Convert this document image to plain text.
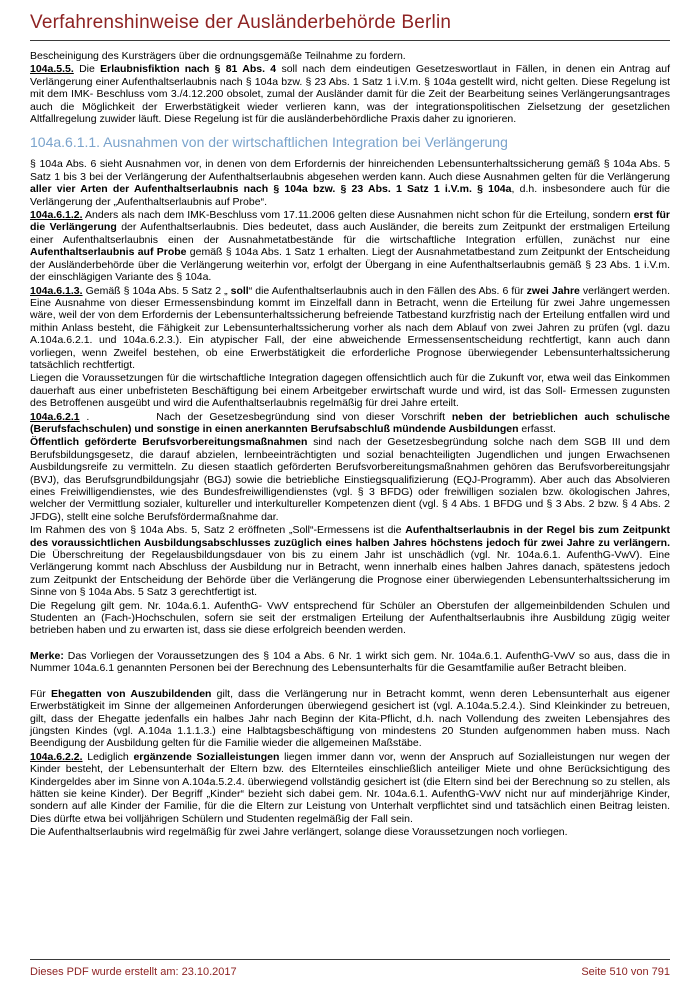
Verfahrenshinweise der Ausländerbehörde Berlin

Bescheinigung des Kursträgers über die ordnungsgemäße Teilnahme zu fordern.

104a.5.5. Die Erlaubnisfiktion nach § 81 Abs. 4 soll nach dem eindeutigen Gesetzeswortlaut in Fällen, in denen ein Antrag auf Verlängerung einer Aufenthaltserlaubnis nach § 104a bzw. § 23 Abs. 1 Satz 1 i.V.m. § 104a gestellt wird, nicht gelten. Diese Regelung ist mit dem IMK- Beschluss vom 3./4.12.200 obsolet, zumal der Ausländer damit für die Zeit der Bearbeitung seines Verlängerungsantrages auch die Möglichkeit der Erwerbstätigkeit wieder verlieren kann, was der integrationspolitischen Zielsetzung der gesetzlichen Altfallregelung zuwider läuft. Diese Regelung ist für die ausländerbehördliche Praxis daher zu ignorieren.

104a.6.1.1. Ausnahmen von der wirtschaftlichen Integration bei Verlängerung

§ 104a Abs. 6 sieht Ausnahmen vor, in denen von dem Erfordernis der hinreichenden Lebensunterhaltssicherung gemäß § 104a Abs. 5 Satz 1 bis 3 bei der Verlängerung der Aufenthaltserlaubnis abgesehen werden kann. Auch diese Ausnahmen gelten für die Verlängerung aller vier Arten der Aufenthaltserlaubnis nach § 104a bzw. § 23 Abs. 1 Satz 1 i.V.m. § 104a, d.h. insbesondere auch für die Verlängerung der „Aufenthaltserlaubnis auf Probe“.

104a.6.1.2. Anders als nach dem IMK-Beschluss vom 17.11.2006 gelten diese Ausnahmen nicht schon für die Erteilung, sondern erst für die Verlängerung der Aufenthaltserlaubnis. Dies bedeutet, dass auch Ausländer, die bereits zum Zeitpunkt der erstmaligen Erteilung einer Aufenthaltserlaubnis einen der Ausnahmetatbestände für die wirtschaftliche Integration erfüllen, zunächst nur eine Aufenthaltserlaubnis auf Probe gemäß § 104a Abs. 1 Satz 1 erhalten. Liegt der Ausnahmetatbestand zum Zeitpunkt der Entscheidung der Ausländerbehörde über die Verlängerung weiterhin vor, erfolgt der Übergang in eine Aufenthaltserlaubnis gemäß § 23 Abs. 1 i.V.m. der einschlägigen Variante des § 104a.

104a.6.1.3. Gemäß § 104a Abs. 5 Satz 2 „ soll“ die Aufenthaltserlaubnis auch in den Fällen des Abs. 6 für zwei Jahre verlängert werden. Eine Ausnahme von dieser Ermessensbindung kommt im Einzelfall dann in Betracht, wenn die Erteilung für zwei Jahre ungemessen wäre, weil der von dem Erfordernis der Lebensunterhaltssicherung befreiende Tatbestand kurzfristig nach der Erteilung entfallen wird und mithin Anlass besteht, die Fähigkeit zur Lebensunterhaltssicherung vorher als nach dem Ablauf von zwei Jahren zu prüfen (vgl. dazu A.104a.6.2.1. und 104a.6.2.3.). Ein atypischer Fall, der eine abweichende Ermessensentscheidung rechtfertigt, kann auch dann vorliegen, wenn Zweifel bestehen, ob eine Erwerbstätigkeit die erforderliche Prognose überwiegender Lebensunterhaltssicherung tatsächlich rechtfertigt.

Liegen die Voraussetzungen für die wirtschaftliche Integration dagegen offensichtlich auch für die Zukunft vor, etwa weil das Einkommen dauerhaft aus einer unbefristeten Beschäftigung bei einem Arbeitgeber erwirtschaft wurde und wird, ist das Soll- Ermessen zugunsten des Betroffenen ausgeübt und wird die Aufenthaltserlaubnis regelmäßig für drei Jahre erteilt.

104a.6.2.1 .          Nach der Gesetzesbegründung sind von dieser Vorschrift neben der betrieblichen auch schulische (Berufsfachschulen) und sonstige in einen anerkannten Berufsabschluß mündende Ausbildungen erfasst.

Öffentlich geförderte Berufsvorbereitungsmaßnahmen sind nach der Gesetzesbegründung solche nach dem SGB III und dem Berufsbildungsgesetz, die darauf abzielen, lernbeeinträchtigten und sozial benachteiligten Jugendlichen und jungen Erwachsenen Ausbildungsreife zu vermitteln. Zu diesen staatlich geförderten Berufsvorbereitungsmaßnahmen gehören das Berufsvorbereitungsjahr (BVJ), das Berufsgrundbildungsjahr (BGJ) sowie die betriebliche Einstiegsqualifizierung (EQJ-Programm). Aber auch das Absolvieren eines Freiwilligendienstes, wie des Bundesfreiwilligendienstes (vgl. § 3 BFDG) oder freiwilligen sozialen bzw. ökologischen Jahres, welcher der Vermittlung sozialer, kultureller und interkultureller Kompetenzen dient (vgl. § 4 Abs. 1 BFDG und § 3 Abs. 2 bzw. § 4 Abs. 2 JFDG), stellt eine solche Berufsfördermaßnahme dar.

Im Rahmen des von § 104a Abs. 5, Satz 2 eröffneten „Soll“-Ermessens ist die Aufenthaltserlaubnis in der Regel bis zum Zeitpunkt des voraussichtlichen Ausbildungsabschlusses zuzüglich eines halben Jahres höchstens jedoch für zwei Jahre zu verlängern. Die Überschreitung der Regelausbildungsdauer von bis zu einem Jahr ist unschädlich (vgl. Nr. 104a.6.1. AufenthG-VwV). Eine Verlängerung kommt nach Abschluss der Ausbildung nur in Betracht, wenn innerhalb eines halben Jahres danach, spätestens jedoch zum Zeitpunkt der Entscheidung der Behörde über die Verlängerung die Prognose einer überwiegenden Lebensunterhaltssicherung im Sinne von § 104a Abs. 5 Satz 3 gerechtfertigt ist.

Die Regelung gilt gem. Nr. 104a.6.1. AufenthG- VwV entsprechend für Schüler an Oberstufen der allgemeinbildenden Schulen und Studenten an (Fach-)Hochschulen, sofern sie seit der erstmaligen Erteilung der Aufenthaltserlaubnis ihre Ausbildung zügig weiter betrieben haben und zu erwarten ist, dass sie diese erfolgreich beenden werden.

Merke: Das Vorliegen der Voraussetzungen des § 104 a Abs. 6 Nr. 1 wirkt sich gem. Nr. 104a.6.1. AufenthG-VwV so aus, dass die in Nummer 104a.6.1 genannten Personen bei der Berechnung des Lebensunterhalts für die Gesamtfamilie außer Betracht bleiben.

Für Ehegatten von Auszubildenden gilt, dass die Verlängerung nur in Betracht kommt, wenn deren Lebensunterhalt aus eigener Erwerbstätigkeit im Sinne der allgemeinen Anforderungen überwiegend gesichert ist (vgl. A.104a.5.2.4.). Sind Kleinkinder zu betreuen, gilt, dass der Ehegatte jedenfalls ein halbes Jahr nach Beginn der Kita-Pflicht, d.h. nach Vollendung des zweiten Lebensjahres des jüngsten Kindes (vgl. A.104a 1.1.1.3.) eine Halbtagsbeschäftigung von mindestens 20 Stunden aufgenommen haben muss. Nach Beendigung der Ausbildung gelten für die Familie wieder die allgemeinen Maßstäbe.

104a.6.2.2. Lediglich ergänzende Sozialleistungen liegen immer dann vor, wenn der Anspruch auf Sozialleistungen nur wegen der Kinder besteht, der Lebensunterhalt der Eltern bzw. des Elternteiles einschließlich anteiliger Miete und ohne Berücksichtigung des Kindergeldes aber im Sinne von A.104a.5.2.4. überwiegend vollständig gesichert ist (die Eltern sind bei der Berechnung so zu stellen, als hätten sie keine Kinder). Der Begriff „Kinder“ bezieht sich dabei gem. Nr. 104a.6.1. AufenthG-VwV nicht nur auf minderjährige Kinder, sondern auf alle Kinder der Familie, für die die Eltern zur Leistung von Unterhalt verpflichtet sind und tatsächlich einen Beitrag leisten. Dies dürfte etwa bei volljährigen Schülern und Studenten regelmäßig der Fall sein.

Die Aufenthaltserlaubnis wird regelmäßig für zwei Jahre verlängert, solange diese Voraussetzungen noch vorliegen.

Dieses PDF wurde erstellt am: 23.10.2017	Seite 510 von 791
